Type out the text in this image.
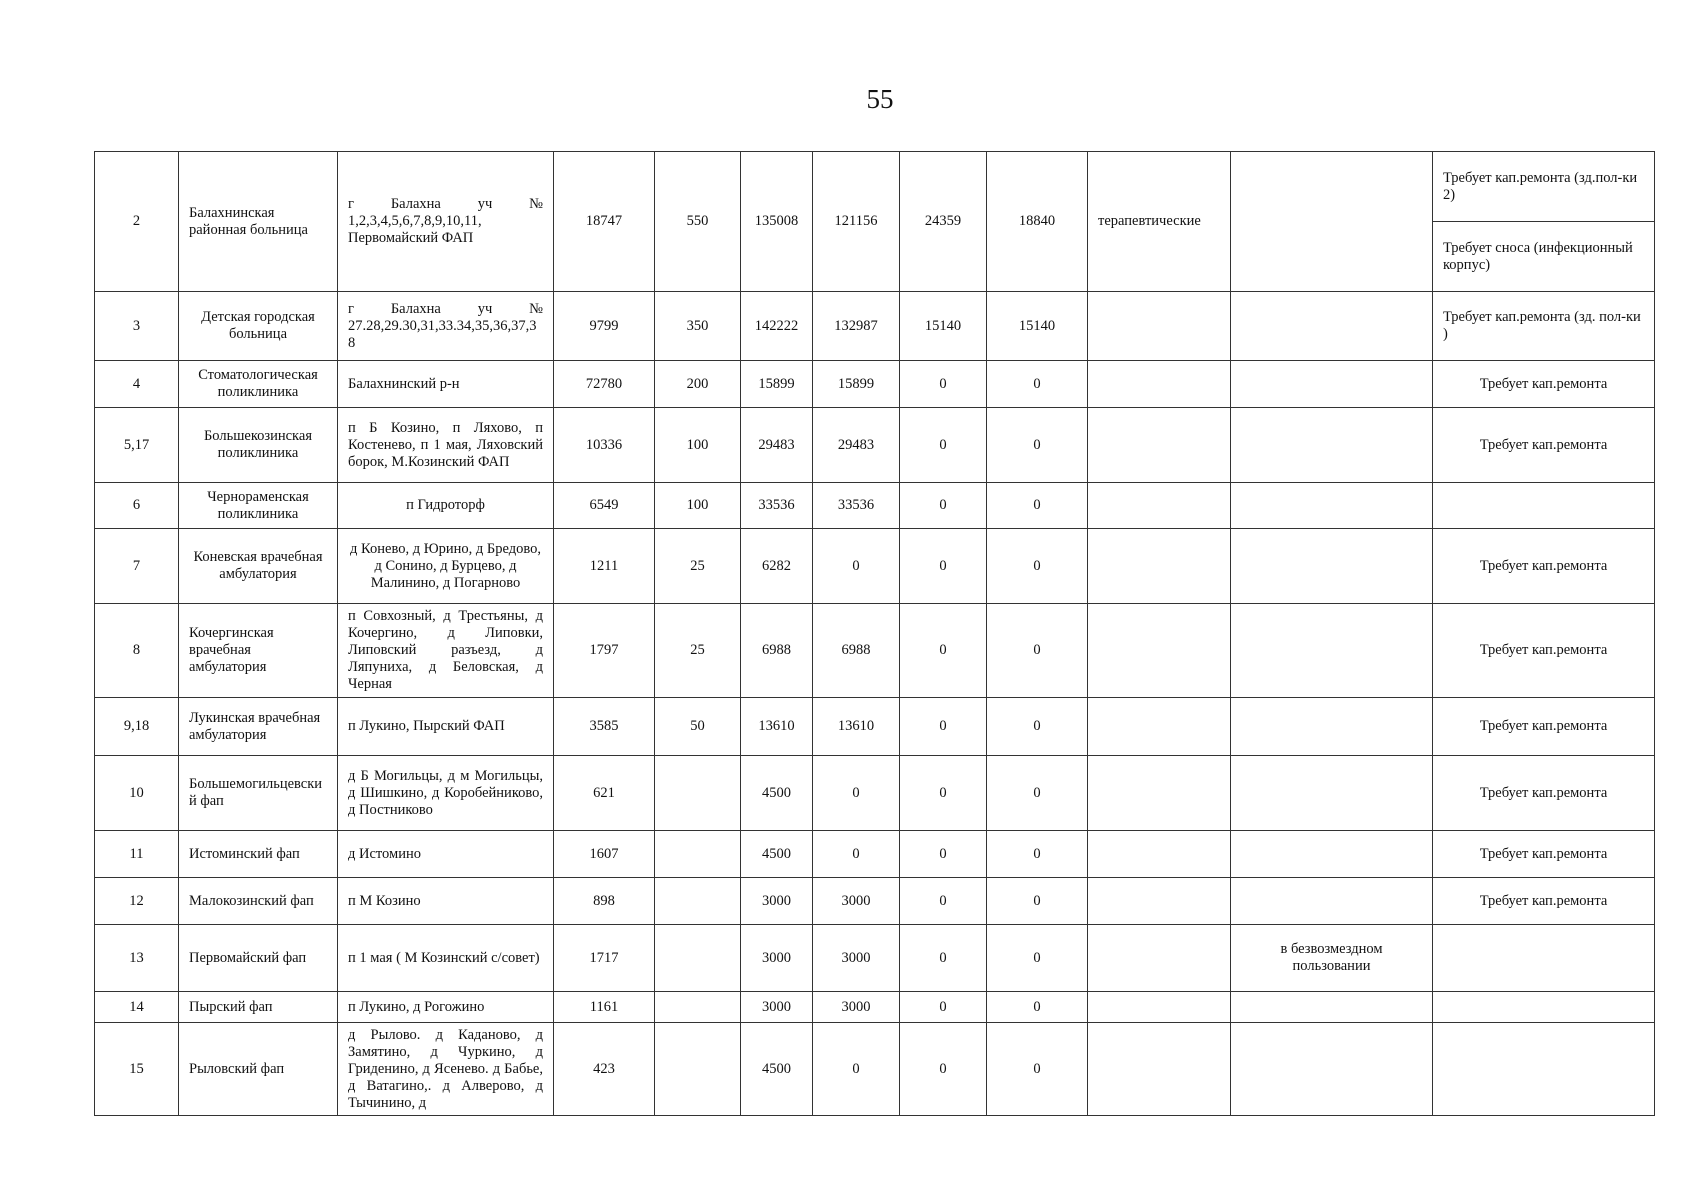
55
2	Балахнинская районная больница	г Балахна уч № 1,2,3,4,5,6,7,8,9,10,11, Первомайский ФАП	18747	550	135008	121156	24359	18840	терапевтические		Требует кап.ремонта (зд.пол-ки 2)
											Требует сноса (инфекционный корпус)
3	Детская городская больница	г Балахна уч № 27.28,29.30,31,33.34,35,36,37,38	9799	350	142222	132987	15140	15140			Требует кап.ремонта (зд. пол-ки )
4	Стоматологическая поликлиника	Балахнинский р-н	72780	200	15899	15899	0	0			Требует кап.ремонта
5,17	Большекозинская поликлиника	п Б Козино, п Ляхово, п Костенево, п 1 мая, Ляховский борок, М.Козинский ФАП	10336	100	29483	29483	0	0			Требует кап.ремонта
6	Чернораменская поликлиника	п Гидроторф	6549	100	33536	33536	0	0			
7	Коневская врачебная амбулатория	д Конево, д Юрино, д Бредово, д Сонино, д Бурцево, д Малинино, д Погарново	1211	25	6282	0	0	0			Требует кап.ремонта
8	Кочергинская врачебная амбулатория	п Совхозный, д Трестьяны, д Кочергино, д Липовки, Липовский разъезд, д Ляпуниха, д Беловская, д Черная	1797	25	6988	6988	0	0			Требует кап.ремонта
9,18	Лукинская врачебная амбулатория	п Лукино, Пырский ФАП	3585	50	13610	13610	0	0			Требует кап.ремонта
10	Большемогильцевский фап	д Б Могильцы, д м Могильцы, д Шишкино, д Коробейниково, д Постниково	621		4500	0	0	0			Требует кап.ремонта
11	Истоминский фап	д Истомино	1607		4500	0	0	0			Требует кап.ремонта
12	Малокозинский фап	п М Козино	898		3000	3000	0	0			Требует кап.ремонта
13	Первомайский фап	п 1 мая ( М Козинский с/совет)	1717		3000	3000	0	0		в безвозмездном пользовании	
14	Пырский фап	п Лукино, д Рогожино	1161		3000	3000	0	0			
15	Рыловский фап	д Рылово. д Каданово, д Замятино, д Чуркино, д Гриденино, д Ясенево. д Бабье, д Ватагино,. д Алверово, д Тычинино, д	423		4500	0	0	0			
